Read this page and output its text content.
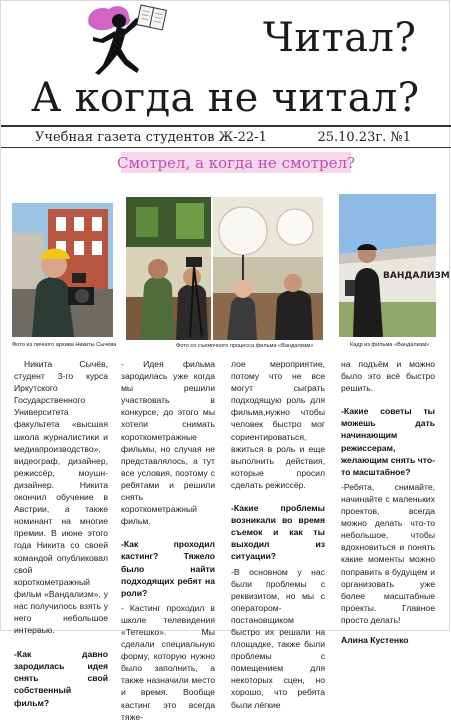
Читал?
А когда не читал?
Учебная газета студентов Ж-22-1	25.10.23г. №1
Смотрел, а когда не смотрел?
Фото из личного архива Никиты Сычёва	Фото со съемочного процесса фильма «Вандализм»
ВАНДАЛИЗМ
Кадр из фильма «Вандализм»

Никита Сычёв, студент 3-го курса Иркутского Государственного Университета факультета «высшая школа журналистики и медиапроизводство», видеограф, дизайнер, режиссёр, моушн-дизайнер. Никита окончил обучение в Австрии, а также номинант на многие премии. В июне этого года Никита со своей командой опубликовал свой короткометражный фильм «Вандализм», у нас получилось взять у него небольшое интервью.

-Как давно зародилась идея снять свой собственный фильм?

- Идея фильма зародилась уже когда мы решили участвовать в конкурсе, до этого мы хотели снимать короткометражные фильмы, но случая не представлялось, а тут все условия, поэтому с ребятами и решили снять короткометражный фильм.

-Как проходил кастинг? Тяжело было найти подходящих ребят на роли?

- Кастинг проходил в школе телевидения «Тетешко». Мы сделали специальную форму, которую нужно было заполнить, а также назначили место и время. Вообще кастинг это всегда тяже-

лое мероприятие, потому что не все могут сыграть подходящую роль для фильма,нужно чтобы человек быстро мог сориентироваться, вжиться в роль и еще выполнить действия, которые просил сделать режиссёр.

-Какие проблемы возникали во время съемок и как ты выходил из ситуации?

-В основном у нас были проблемы с реквизитом, но мы с оператором-постановщиком быстро их решали на площадке, также были проблемы с помещением для некоторых сцен, но хорошо, что ребята были лёгкие

на подъём и можно было это всё быстро решить.

-Какие советы ты можешь дать начинающим режиссерам, желающим снять что-то масштабное?

-Ребята, снимайте, начинайте с маленьких проектов, всегда можно делать что-то небольшое, чтобы вдохновиться и понять какие моменты можно поправить в будущем и организовать уже более масштабные проекты. Главное просто делать!

Алина Кустенко
